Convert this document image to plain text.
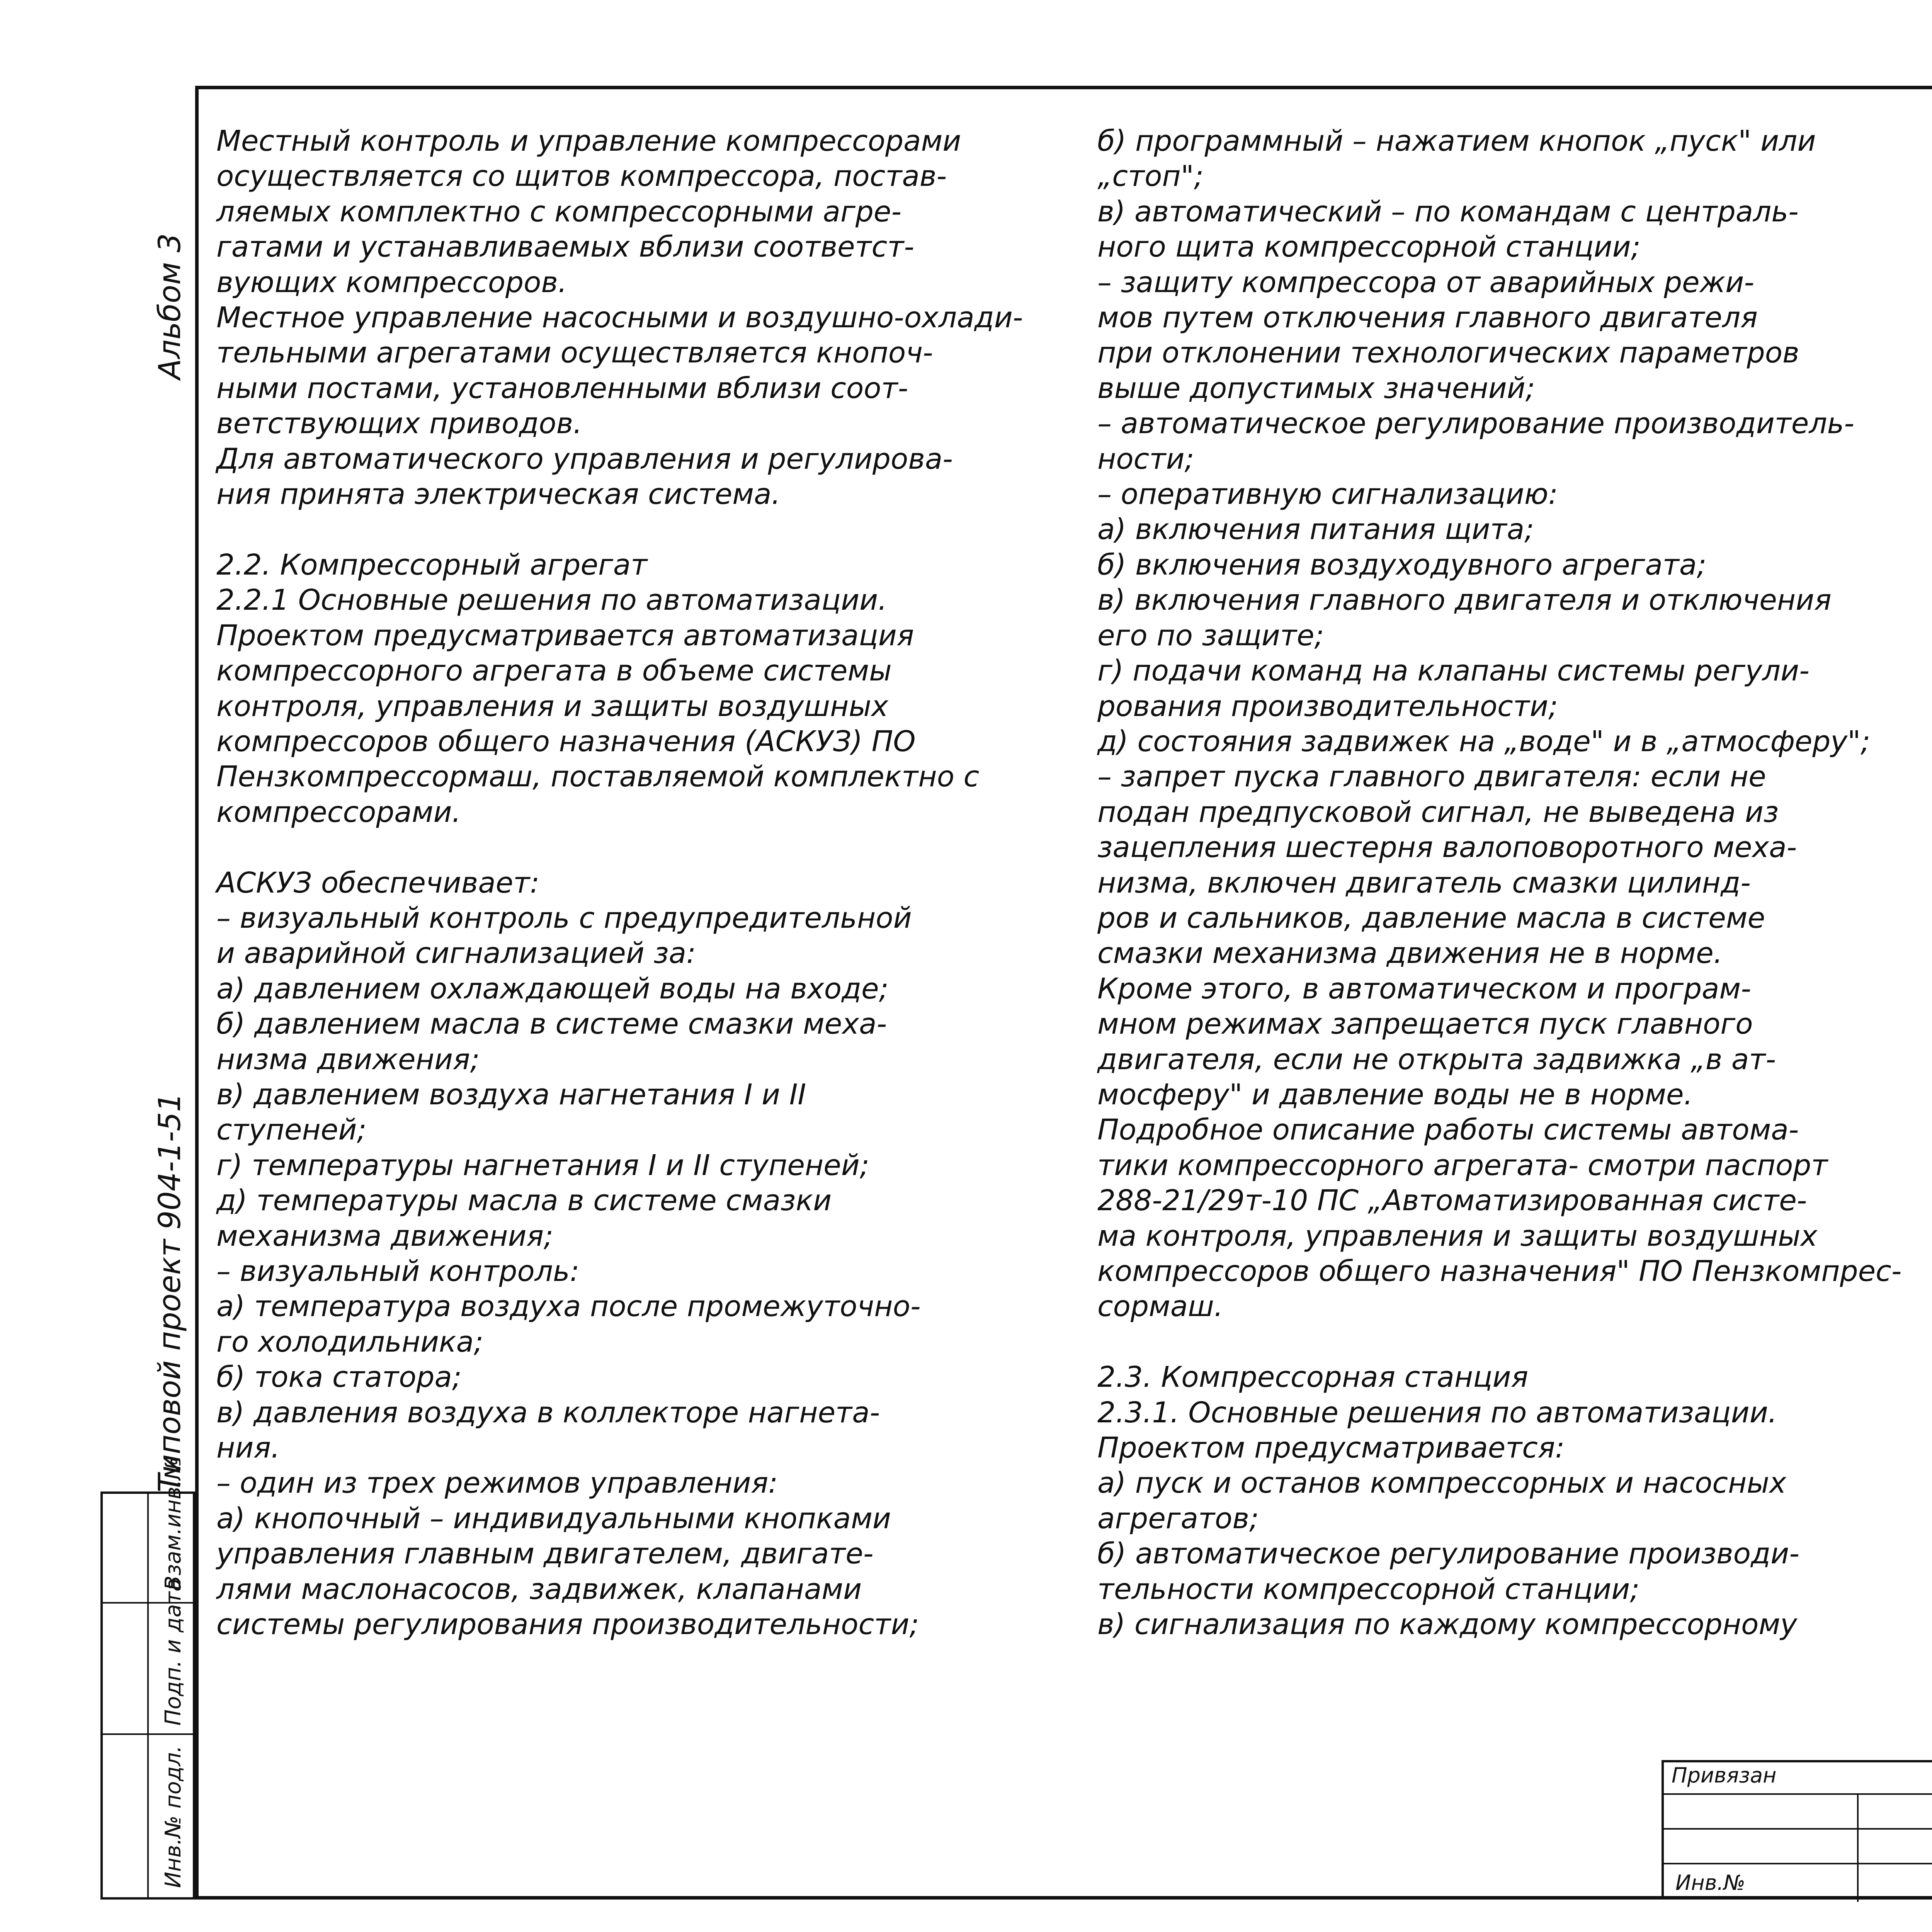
Альбом 3
Типовой проект 904-1-51
Взам.инв.№
Подп. и дата
Инв.№ подл.
Местный контроль и управление компрессорами
осуществляется со щитов компрессора, постав-
ляемых комплектно с компрессорными агре-
гатами и устанавливаемых вблизи соответст-
вующих компрессоров.
Местное управление насосными и воздушно-охлади-
тельными агрегатами осуществляется кнопоч-
ными постами, установленными вблизи соот-
ветствующих приводов.
Для автоматического управления и регулирова-
ния принята электрическая система.

2.2. Компрессорный агрегат
2.2.1 Основные решения по автоматизации.
Проектом предусматривается автоматизация
компрессорного агрегата в объеме системы
контроля, управления и защиты воздушных
компрессоров общего назначения (АСКУЗ) ПО
Пензкомпрессормаш, поставляемой комплектно с
компрессорами.

АСКУЗ обеспечивает:
– визуальный контроль с предупредительной
и аварийной сигнализацией за:
а) давлением охлаждающей воды на входе;
б) давлением масла в системе смазки меха-
низма движения;
в) давлением воздуха нагнетания I и II
ступеней;
г) температуры нагнетания I и II ступеней;
д) температуры масла в системе смазки
механизма движения;
– визуальный контроль:
а) температура воздуха после промежуточно-
го холодильника;
б) тока статора;
в) давления воздуха в коллекторе нагнета-
ния.
– один из трех режимов управления:
а) кнопочный – индивидуальными кнопками
управления главным двигателем, двигате-
лями маслонасосов, задвижек, клапанами
системы регулирования производительности;
б) программный – нажатием кнопок „пуск" или
„стоп";
в) автоматический – по командам с централь-
ного щита компрессорной станции;
– защиту компрессора от аварийных режи-
мов путем отключения главного двигателя
при отклонении технологических параметров
выше допустимых значений;
– автоматическое регулирование производитель-
ности;
– оперативную сигнализацию:
а) включения питания щита;
б) включения воздуходувного агрегата;
в) включения главного двигателя и отключения
его по защите;
г) подачи команд на клапаны системы регули-
рования производительности;
д) состояния задвижек на „воде" и в „атмосферу";
– запрет пуска главного двигателя: если не
подан предпусковой сигнал, не выведена из
зацепления шестерня валоповоротного меха-
низма, включен двигатель смазки цилинд-
ров и сальников, давление масла в системе
смазки механизма движения не в норме.
Кроме этого, в автоматическом и програм-
мном режимах запрещается пуск главного
двигателя, если не открыта задвижка „в ат-
мосферу" и давление воды не в норме.
Подробное описание работы системы автома-
тики компрессорного агрегата- смотри паспорт
288-21/29т-10 ПС „Автоматизированная систе-
ма контроля, управления и защиты воздушных
компрессоров общего назначения" ПО Пензкомпрес-
сормаш.

2.3. Компрессорная станция
2.3.1. Основные решения по автоматизации.
Проектом предусматривается:
а) пуск и останов компрессорных и насосных
агрегатов;
б) автоматическое регулирование производи-
тельности компрессорной станции;
в) сигнализация по каждому компрессорному

Привязан
Инв.№
